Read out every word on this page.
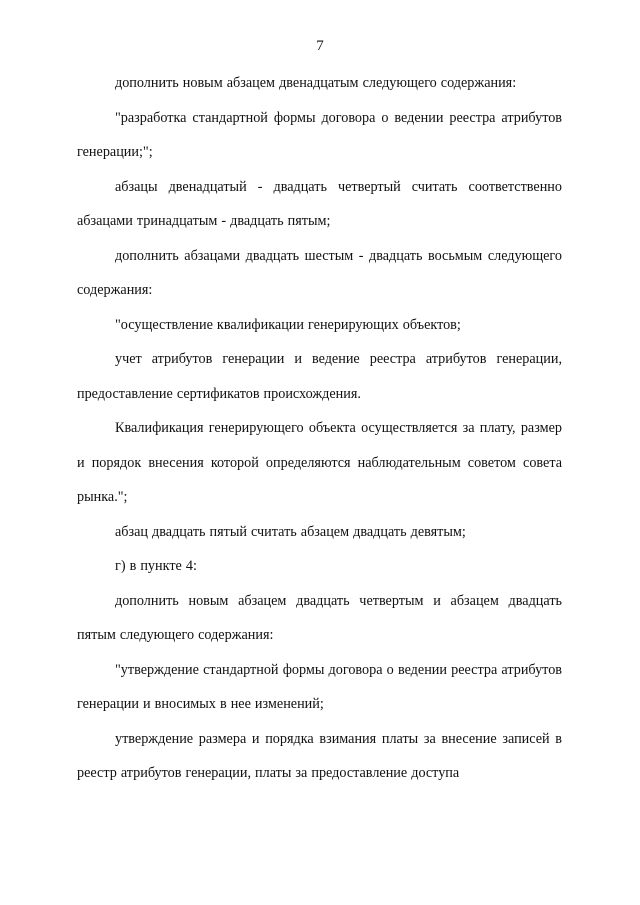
7

дополнить новым абзацем двенадцатым следующего содержания:

"разработка стандартной формы договора о ведении реестра атрибутов генерации;";

абзацы двенадцатый - двадцать четвертый считать соответственно абзацами тринадцатым - двадцать пятым;

дополнить абзацами двадцать шестым - двадцать восьмым следующего содержания:

"осуществление квалификации генерирующих объектов;

учет атрибутов генерации и ведение реестра атрибутов генерации, предоставление сертификатов происхождения.

Квалификация генерирующего объекта осуществляется за плату, размер и порядок внесения которой определяются наблюдательным советом совета рынка.";

абзац двадцать пятый считать абзацем двадцать девятым;

г) в пункте 4:

дополнить новым абзацем двадцать четвертым и абзацем двадцать пятым следующего содержания:

"утверждение стандартной формы договора о ведении реестра атрибутов генерации и вносимых в нее изменений;

утверждение размера и порядка взимания платы за внесение записей в реестр атрибутов генерации, платы за предоставление доступа
